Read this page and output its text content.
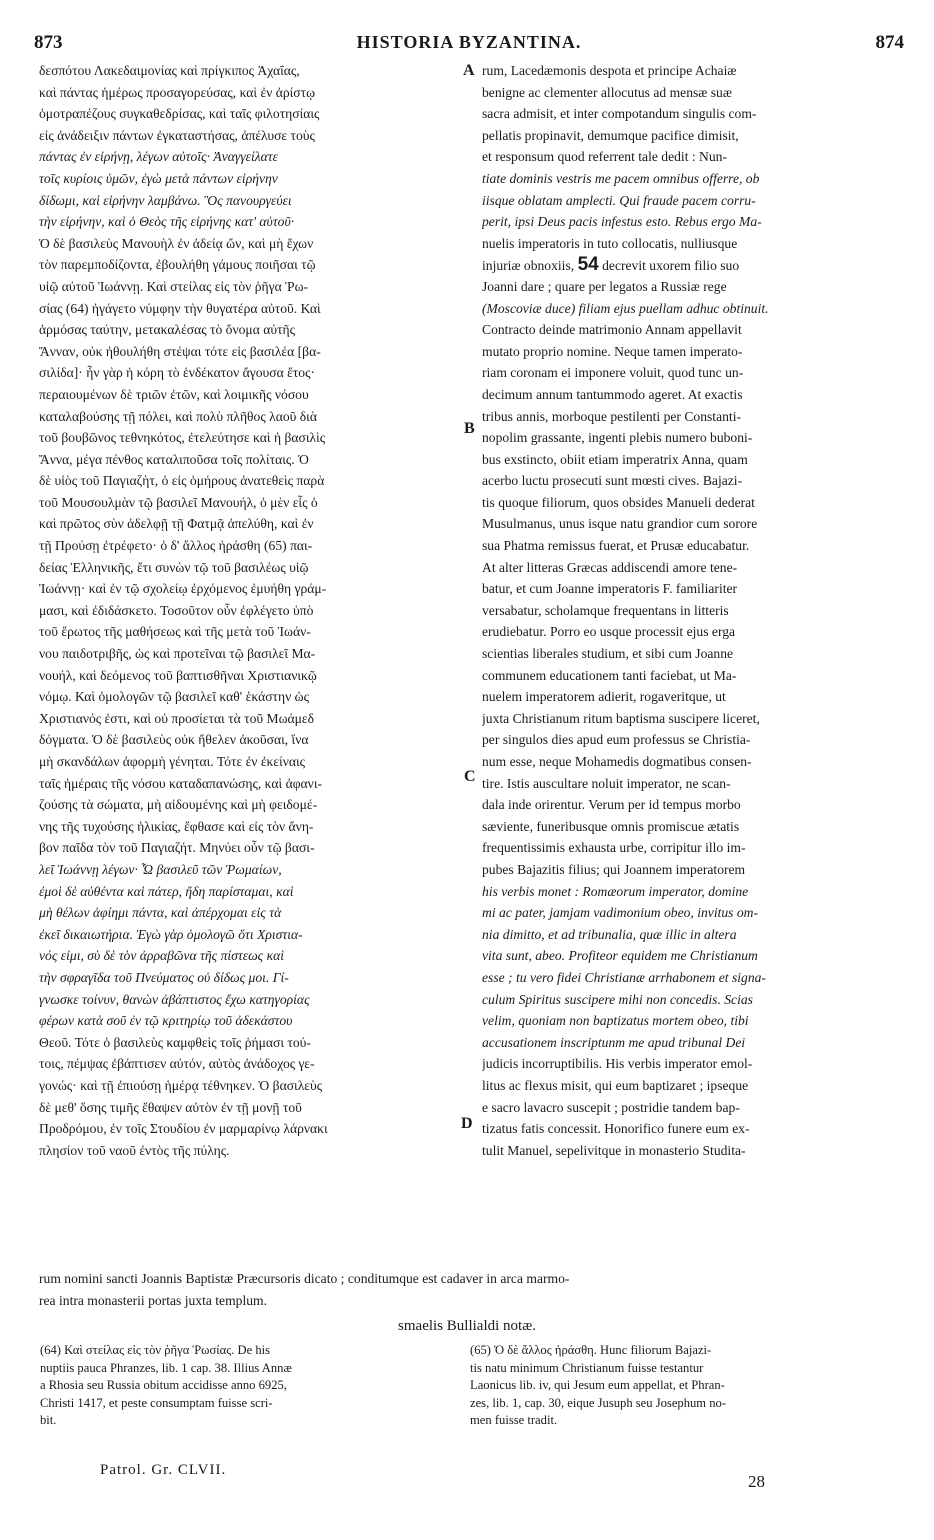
873	HISTORIA BYZANTINA.	874
A
B
C
D
δεσπότου Λακεδαιμονίας καὶ πρίγκιπος Ἀχαΐας,
καὶ πάντας ἡμέρως προσαγορεύσας, καὶ ἐν ἀρίστῳ
ὁμοτραπέζους συγκαθεδρίσας, καὶ ταῖς φιλοτησίαις
εἰς ἀνάδειξιν πάντων ἐγκαταστήσας, ἀπέλυσε τοὺς
πάντας ἐν εἰρήνῃ, λέγων αὐτοῖς· Ἀναγγείλατε
τοῖς κυρίοις ὑμῶν, ἐγὼ μετὰ πάντων εἰρήνην
δίδωμι, καὶ εἰρήνην λαμβάνω. Ὃς πανουργεύει
τὴν εἰρήνην, καὶ ὁ Θεὸς τῆς εἰρήνης κατ' αὐτοῦ·
Ὁ δὲ βασιλεὺς Μανουὴλ ἐν ἀδείᾳ ὤν, καὶ μὴ ἔχων
τὸν παρεμποδίζοντα, ἐβουλήθη γάμους ποιῆσαι τῷ
υἱῷ αὐτοῦ Ἰωάννῃ. Καὶ στείλας εἰς τὸν ῥῆγα Ῥω-
σίας (64) ἠγάγετο νύμφην τὴν θυγατέρα αὐτοῦ. Καὶ
ἁρμόσας ταύτην, μετακαλέσας τὸ ὄνομα αὐτῆς
Ἄνναν, οὐκ ἠθουλήθη στέψαι τότε εἰς βασιλέα [βα-
σιλίδα]· ἦν γὰρ ἡ κόρη τὸ ἑνδέκατον ἄγουσα ἔτος·
περαιουμένων δὲ τριῶν ἐτῶν, καὶ λοιμικῆς νόσου
καταλαβούσης τῇ πόλει, καὶ πολὺ πλῆθος λαοῦ διὰ
τοῦ βουβῶνος τεθνηκότος, ἐτελεύτησε καὶ ἡ βασιλὶς
Ἄννα, μέγα πένθος καταλιποῦσα τοῖς πολίταις. Ὁ
δὲ υἱὸς τοῦ Παγιαζὴτ, ὁ εἰς ὁμήρους ἀνατεθεὶς παρὰ
τοῦ Μουσουλμὰν τῷ βασιλεῖ Μανουήλ, ὁ μὲν εἷς ὁ
καὶ πρῶτος σὺν ἀδελφῇ τῇ Φατμᾷ ἀπελύθη, καὶ ἐν
τῇ Προύσῃ ἐτρέφετο· ὁ δ' ἄλλος ἠράσθη (65) παι-
δείας Ἑλληνικῆς, ἔτι συνὼν τῷ τοῦ βασιλέως υἱῷ
Ἰωάννῃ· καὶ ἐν τῷ σχολείῳ ἐρχόμενος ἐμυήθη γράμ-
μασι, καὶ ἐδιδάσκετο. Τοσοῦτον οὖν ἐφλέγετο ὑπὸ
τοῦ ἔρωτος τῆς μαθήσεως καὶ τῆς μετὰ τοῦ Ἰωάν-
νου παιδοτριβῆς, ὡς καὶ προτεῖναι τῷ βασιλεῖ Μα-
νουήλ, καὶ δεόμενος τοῦ βαπτισθῆναι Χριστιανικῷ
νόμῳ. Καὶ ὁμολογῶν τῷ βασιλεῖ καθ' ἑκάστην ὡς
Χριστιανός ἐστι, καὶ οὐ προσίεται τὰ τοῦ Μωάμεδ
δόγματα. Ὁ δὲ βασιλεὺς οὐκ ἤθελεν ἀκοῦσαι, ἵνα
μὴ σκανδάλων ἀφορμὴ γένηται. Τότε ἐν ἐκείναις
ταῖς ἡμέραις τῆς νόσου καταδαπανώσης, καὶ ἀφανι-
ζούσης τὰ σώματα, μὴ αἰδουμένης καὶ μὴ φειδομέ-
νης τῆς τυχούσης ἡλικίας, ἔφθασε καὶ εἰς τὸν ἄνη-
βον παῖδα τὸν τοῦ Παγιαζήτ. Μηνύει οὖν τῷ βασι-
λεῖ Ἰωάννῃ λέγων· Ὦ βασιλεῦ τῶν Ῥωμαίων,
ἐμοὶ δὲ αὐθέντα καὶ πάτερ, ἤδη παρίσταμαι, καὶ
μὴ θέλων ἀφίημι πάντα, καὶ ἀπέρχομαι εἰς τὰ
ἐκεῖ δικαιωτήρια. Ἐγὼ γὰρ ὁμολογῶ ὅτι Χριστια-
νός εἰμι, σὺ δὲ τὸν ἀρραβῶνα τῆς πίστεως καὶ
τὴν σφραγῖδα τοῦ Πνεύματος οὐ δίδως μοι. Γί-
γνωσκε τοίνυν, θανὼν ἀβάπτιστος ἔχω κατηγορίας
φέρων κατὰ σοῦ ἐν τῷ κριτηρίῳ τοῦ ἀδεκάστου
Θεοῦ. Τότε ὁ βασιλεὺς καμφθεὶς τοῖς ῥήμασι τού-
τοις, πέμψας ἐβάπτισεν αὐτόν, αὐτὸς ἀνάδοχος γε-
γονώς· καὶ τῇ ἐπιούσῃ ἡμέρᾳ τέθνηκεν. Ὁ βασιλεὺς
δὲ μεθ' ὅσης τιμῆς ἔθαψεν αὐτὸν ἐν τῇ μονῇ τοῦ
Προδρόμου, ἐν τοῖς Στουδίου ἐν μαρμαρίνῳ λάρνακι
πλησίον τοῦ ναοῦ ἐντὸς τῆς πύλης.
rum, Lacedæmonis despota et principe Achaiæ
benigne ac clementer allocutus ad mensæ suæ
sacra admisit, et inter compotandum singulis com-
pellatis propinavit, demumque pacifice dimisit,
et responsum quod referrent tale dedit : Nun-
tiate dominis vestris me pacem omnibus offerre, ob
iisque oblatam amplecti. Qui fraude pacem corru-
perit, ipsi Deus pacis infestus esto. Rebus ergo Ma-
nuelis imperatoris in tuto collocatis, nulliusque
injuriæ obnoxiis, 54 decrevit uxorem filio suo
Joanni dare ; quare per legatos a Russiæ rege
(Moscoviæ duce) filiam ejus puellam adhuc obtinuit.
Contracto deinde matrimonio Annam appellavit
mutato proprio nomine. Neque tamen imperato-
riam coronam ei imponere voluit, quod tunc un-
decimum annum tantummodo ageret. At exactis
tribus annis, morboque pestilenti per Constanti-
nopolim grassante, ingenti plebis numero buboni-
bus exstincto, obiit etiam imperatrix Anna, quam
acerbo luctu prosecuti sunt mœsti cives. Bajazi-
tis quoque filiorum, quos obsides Manueli dederat
Musulmanus, unus isque natu grandior cum sorore
sua Phatma remissus fuerat, et Prusæ educabatur.
At alter litteras Græcas addiscendi amore tene-
batur, et cum Joanne imperatoris F. familiariter
versabatur, scholamque frequentans in litteris
erudiebatur. Porro eo usque processit ejus erga
scientias liberales studium, et sibi cum Joanne
communem educationem tanti faciebat, ut Ma-
nuelem imperatorem adierit, rogaveritque, ut
juxta Christianum ritum baptisma suscipere liceret,
per singulos dies apud eum professus se Christia-
num esse, neque Mohamedis dogmatibus consen-
tire. Istis auscultare noluit imperator, ne scan-
dala inde orirentur. Verum per id tempus morbo
sæviente, funeribusque omnis promiscue ætatis
frequentissimis exhausta urbe, corripitur illo im-
pubes Bajazitis filius; qui Joannem imperatorem
his verbis monet : Romæorum imperator, domine
mi ac pater, jamjam vadimonium obeo, invitus om-
nia dimitto, et ad tribunalia, quæ illic in altera
vita sunt, abeo. Profiteor equidem me Christianum
esse ; tu vero fidei Christianæ arrhabonem et signa-
culum Spiritus suscipere mihi non concedis. Scias
velim, quoniam non baptizatus mortem obeo, tibi
accusationem inscriptunm me apud tribunal Dei
judicis incorruptibilis. His verbis imperator emol-
litus ac flexus misit, qui eum baptizaret ; ipseque
e sacro lavacro suscepit ; postridie tandem bap-
tizatus fatis concessit. Honorifico funere eum ex-
tulit Manuel, sepelivitque in monasterio Studita-
rum nomini sancti Joannis Baptistæ Præcursoris dicato ; conditumque est cadaver in arca marmo-
rea intra monasterii portas juxta templum.
smaelis Bullialdi notæ.
(64) Καὶ στείλας εἰς τὸν ῥῆγα Ῥωσίας. De his
nuptiis pauca Phranzes, lib. 1 cap. 38. Illius Annæ
a Rhosia seu Russia obitum accidisse anno 6925,
Christi 1417, et peste consumptam fuisse scri-
bit.
(65) Ὁ δὲ ἄλλος ἠράσθη. Hunc filiorum Bajazi-
tis natu minimum Christianum fuisse testantur
Laonicus lib. iv, qui Jesum eum appellat, et Phran-
zes, lib. 1, cap. 30, eique Jusuph seu Josephum no-
men fuisse tradit.
Patrol. Gr. CLVII.
28
